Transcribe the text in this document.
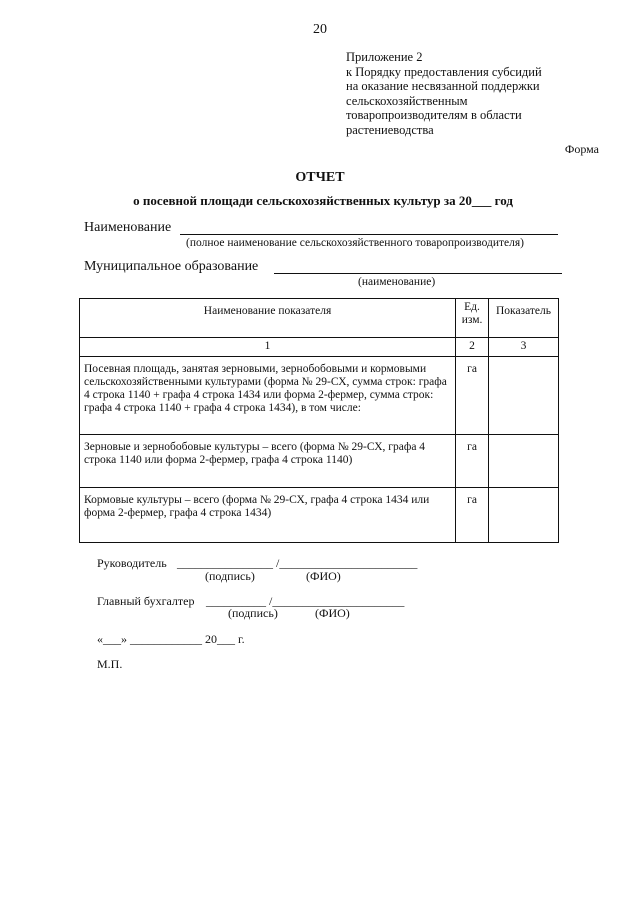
20
Приложение 2
к Порядку предоставления субсидий
на оказание несвязанной поддержки
сельскохозяйственным
товаропроизводителям в области
растениеводства
Форма
ОТЧЕТ
о посевной площади сельскохозяйственных культур за 20___ год
Наименование
(полное наименование сельскохозяйственного товаропроизводителя)
Муниципальное образование
(наименование)
Наименование показателя	Ед. изм.	Показатель
1	2	3
Посевная площадь, занятая зерновыми, зернобобовыми и кормовыми сельскохозяйственными культурами (форма № 29-СХ, сумма строк: графа 4 строка 1140 + графа 4 строка 1434 или форма 2-фермер, сумма строк: графа 4 строка 1140 + графа 4 строка 1434), в том числе:	га	
Зерновые и зернобобовые культуры – всего (форма № 29-СХ, графа 4 строка 1140 или форма 2-фермер, графа 4 строка 1140)	га	
Кормовые культуры – всего (форма № 29-СХ, графа 4 строка 1434 или форма 2-фермер, графа 4 строка 1434)	га	
Руководитель ________________ /_______________________
(подпись)	(ФИО)
Главный бухгалтер __________ /______________________
(подпись)	(ФИО)
«___» ____________ 20___ г.
М.П.
